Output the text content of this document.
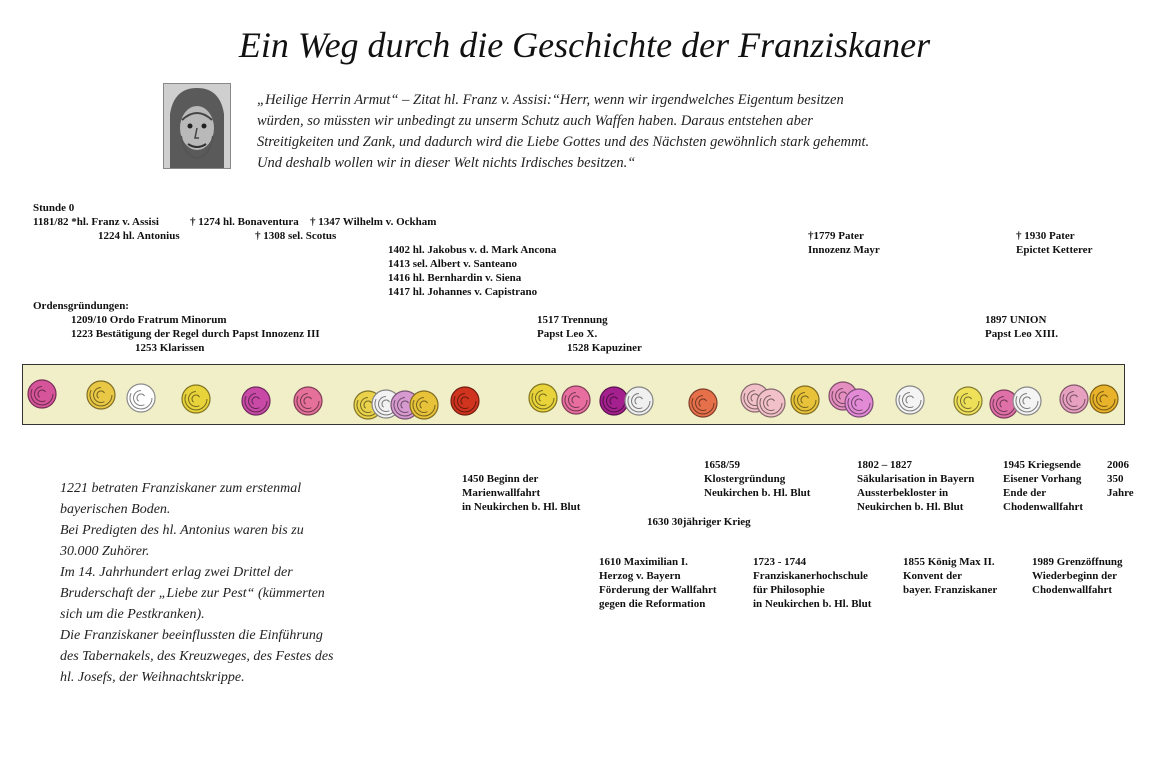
Ein Weg durch die Geschichte der Franziskaner
„Heilige Herrin Armut“ – Zitat hl. Franz v. Assisi:“Herr, wenn wir irgendwelches Eigentum besitzen
würden, so müssten wir unbedingt zu unserm Schutz auch Waffen haben. Daraus entstehen aber
Streitigkeiten und Zank, und dadurch wird die Liebe Gottes und des Nächsten gewöhnlich stark gehemmt.
Und deshalb wollen wir in dieser Welt nichts Irdisches besitzen.“
Stunde 0
1181/82 *hl. Franz v. Assisi	† 1274 hl. Bonaventura † 1347 Wilhelm v. Ockham
1224 hl. Antonius	† 1308 sel. Scotus
1402 hl. Jakobus v. d. Mark Ancona
1413 sel. Albert v. Santeano
1416 hl. Bernhardin v. Siena
1417 hl. Johannes v. Capistrano
†1779 Pater
Innozenz Mayr
† 1930 Pater
Epictet Ketterer
Ordensgründungen:
1209/10 Ordo Fratrum Minorum
1223 Bestätigung der Regel durch Papst Innozenz III
1253 Klarissen
1517 Trennung
Papst Leo X.
1528 Kapuziner
1897 UNION
Papst Leo XIII.
1450 Beginn der
Marienwallfahrt
in Neukirchen b. Hl. Blut
1658/59
Klostergründung
Neukirchen b. Hl. Blut
1630 30jähriger Krieg
1802 – 1827
Säkularisation in Bayern
Aussterbekloster in
Neukirchen b. Hl. Blut
1945 Kriegsende
Eisener Vorhang
Ende der
Chodenwallfahrt
2006
350
Jahre
1610 Maximilian I.
Herzog v. Bayern
Förderung der Wallfahrt
gegen die Reformation
1723 - 1744
Franziskanerhochschule
für Philosophie
in Neukirchen b. Hl. Blut
1855 König Max II.
Konvent der
bayer. Franziskaner
1989 Grenzöffnung
Wiederbeginn der
Chodenwallfahrt
1221 betraten Franziskaner zum erstenmal
bayerischen Boden.
Bei Predigten des hl. Antonius waren bis zu
30.000 Zuhörer.
Im 14. Jahrhundert erlag zwei Drittel der
Bruderschaft der „Liebe zur Pest“ (kümmerten
sich um die Pestkranken).
Die Franziskaner beeinflussten die Einführung
des Tabernakels, des Kreuzweges, des Festes des
hl. Josefs, der Weihnachtskrippe.
